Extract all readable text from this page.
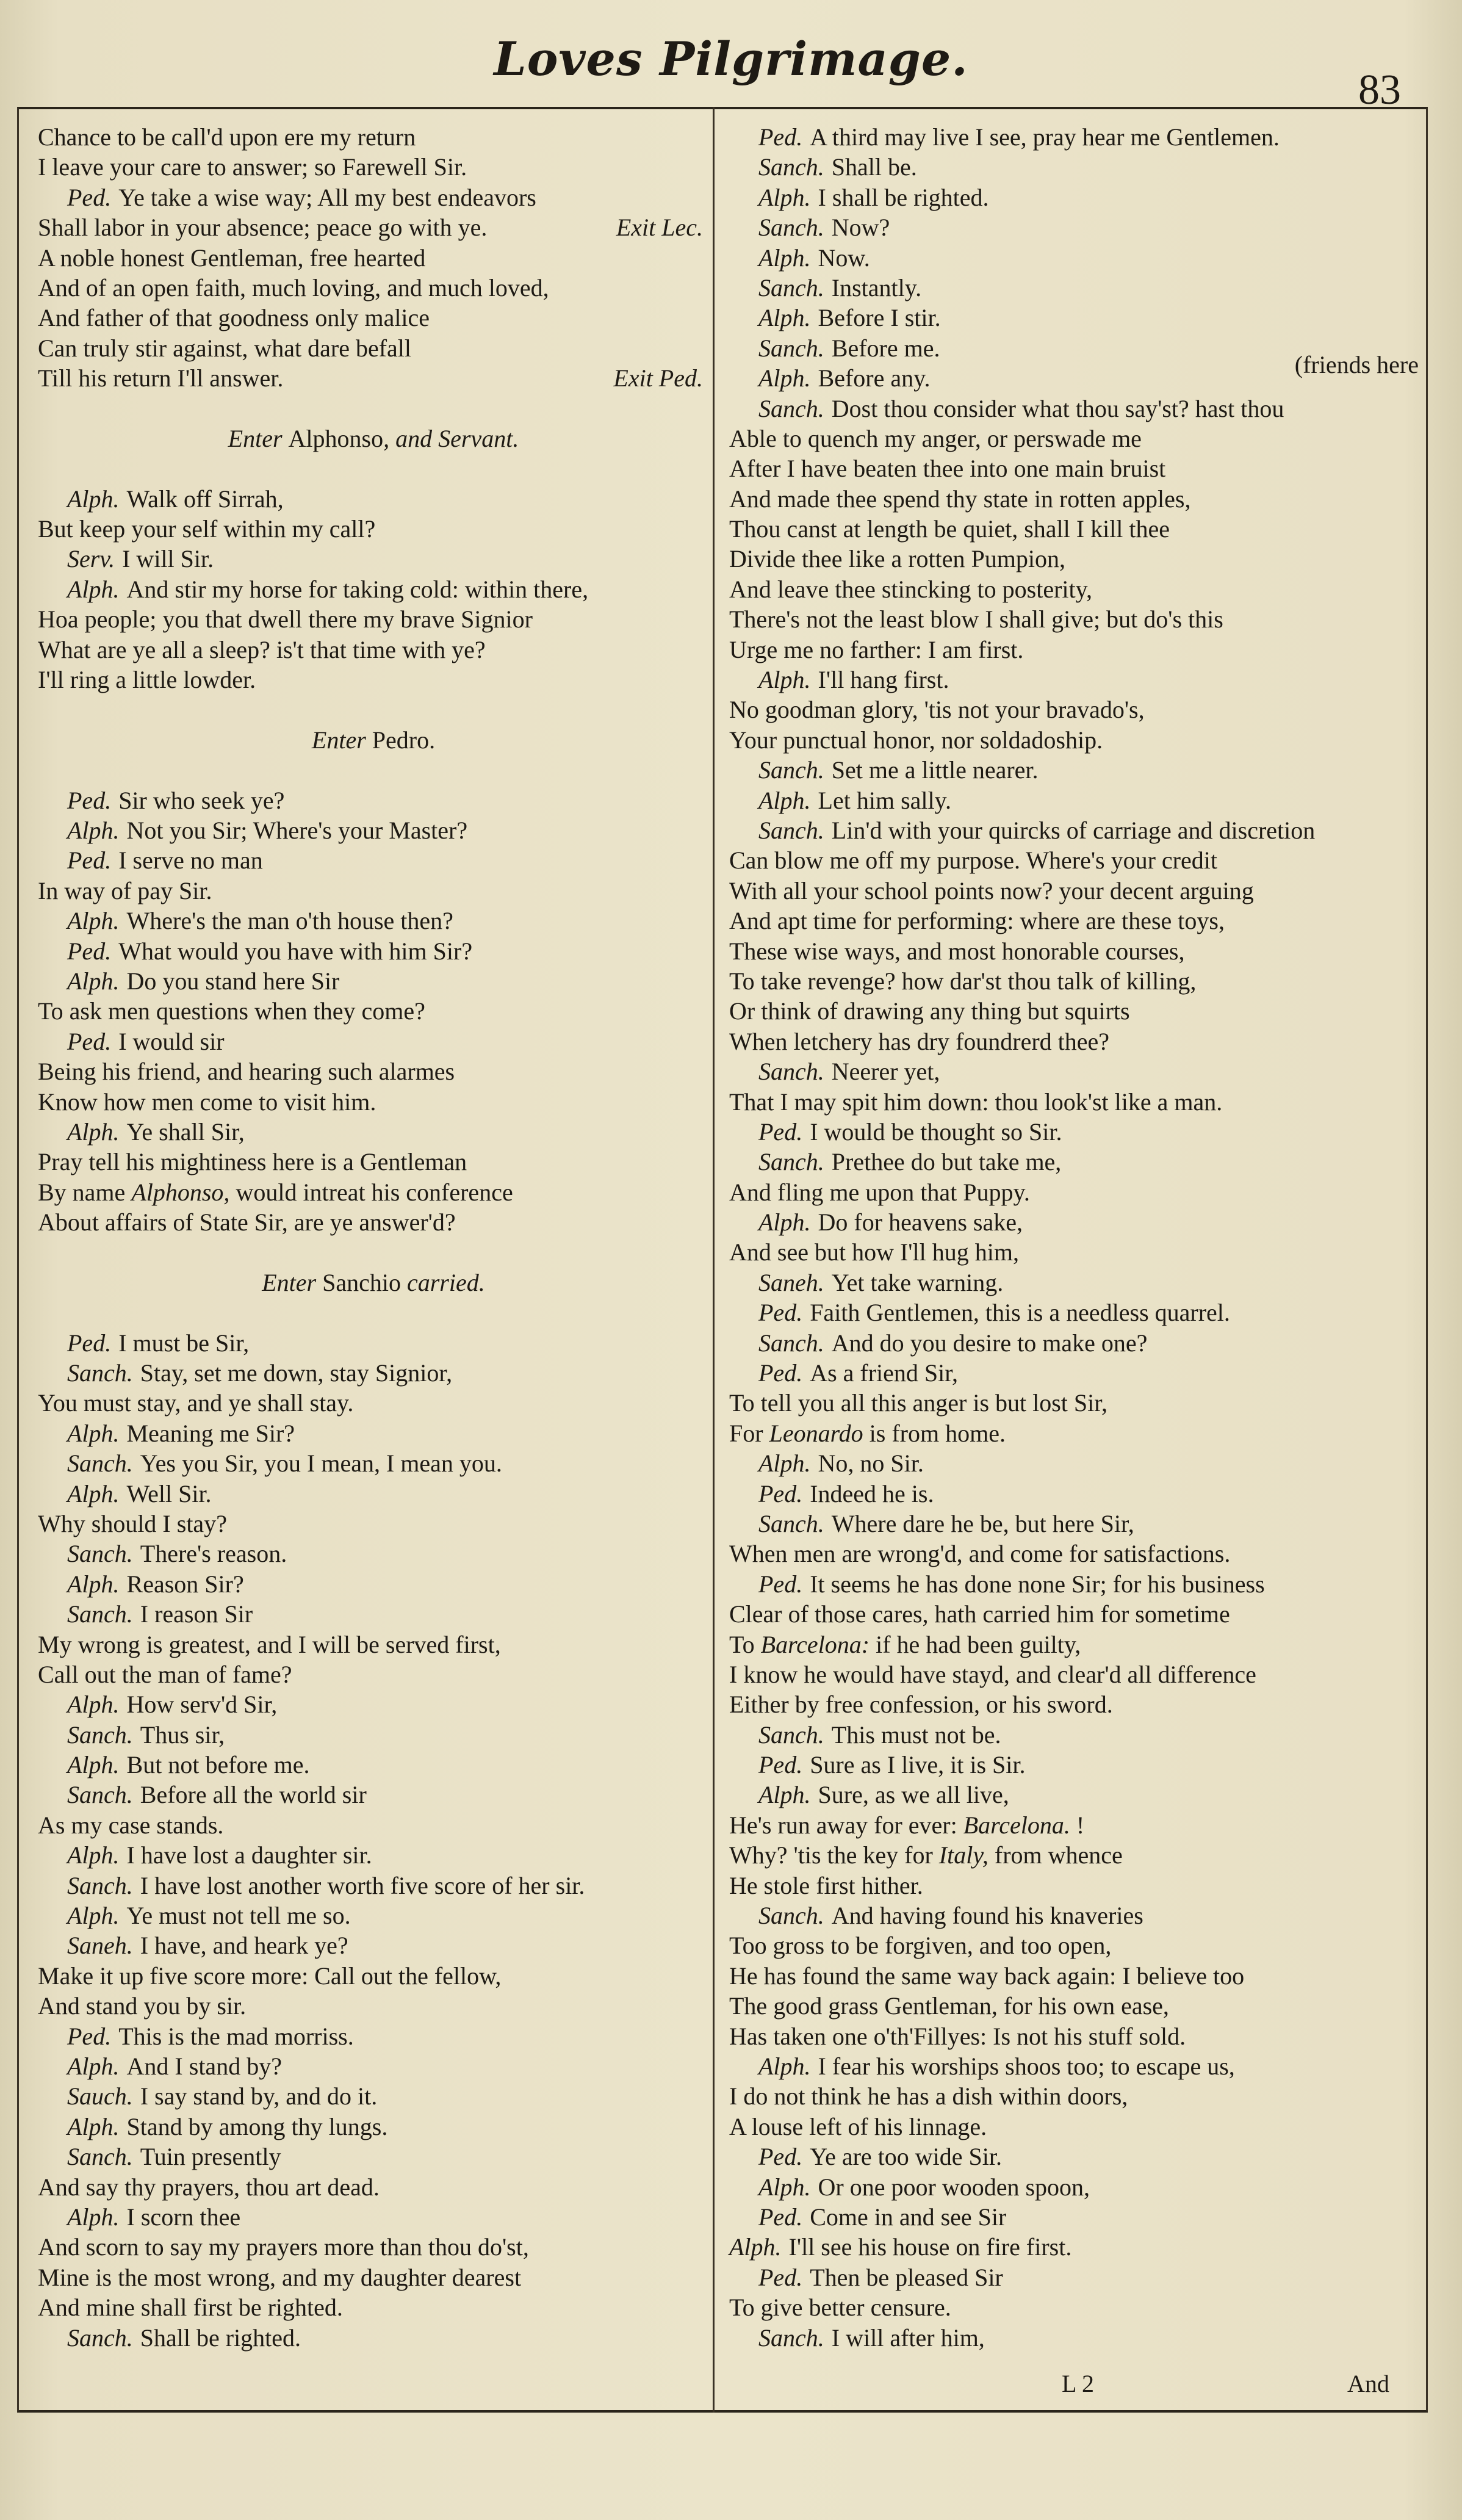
Loves Pilgrimage.
83
Chance to be call'd upon ere my return
I leave your care to answer; so Farewell Sir.
Ped. Ye take a wise way; All my best endeavors
Shall labor in your absence; peace go with ye.	Exit Lec.
A noble honest Gentleman, free hearted
And of an open faith, much loving, and much loved,
And father of that goodness only malice
Can truly stir against, what dare befall
Till his return I'll answer.	Exit Ped.
Enter Alphonso, and Servant.
Alph. Walk off Sirrah,
But keep your self within my call?
Serv. I will Sir.
Alph. And stir my horse for taking cold: within there,
Hoa people; you that dwell there my brave Signior
What are ye all a sleep? is't that time with ye?
I'll ring a little lowder.
Enter Pedro.
Ped. Sir who seek ye?
Alph. Not you Sir; Where's your Master?
Ped. I serve no man
In way of pay Sir.
Alph. Where's the man o'th house then?
Ped. What would you have with him Sir?
Alph. Do you stand here Sir
To ask men questions when they come?
Ped. I would sir
Being his friend, and hearing such alarmes
Know how men come to visit him.
Alph. Ye shall Sir,
Pray tell his mightiness here is a Gentleman
By name Alphonso, would intreat his conference
About affairs of State Sir, are ye answer'd?
Enter Sanchio carried.
Ped. I must be Sir,
Sanch. Stay, set me down, stay Signior,
You must stay, and ye shall stay.
Alph. Meaning me Sir?
Sanch. Yes you Sir, you I mean, I mean you.
Alph. Well Sir.
Why should I stay?
Sanch. There's reason.
Alph. Reason Sir?
Sanch. I reason Sir
My wrong is greatest, and I will be served first,
Call out the man of fame?
Alph. How serv'd Sir,
Sanch. Thus sir,
Alph. But not before me.
Sanch. Before all the world sir
As my case stands.
Alph. I have lost a daughter sir.
Sanch. I have lost another worth five score of her sir.
Alph. Ye must not tell me so.
Saneh. I have, and heark ye?
Make it up five score more: Call out the fellow,
And stand you by sir.
Ped. This is the mad morriss.
Alph. And I stand by?
Sauch. I say stand by, and do it.
Alph. Stand by among thy lungs.
Sanch. Tuin presently
And say thy prayers, thou art dead.
Alph. I scorn thee
And scorn to say my prayers more than thou do'st,
Mine is the most wrong, and my daughter dearest
And mine shall first be righted.
Sanch. Shall be righted.
Ped. A third may live I see, pray hear me Gentlemen.
Sanch. Shall be.
Alph. I shall be righted.
Sanch. Now?
Alph. Now.
Sanch. Instantly.
Alph. Before I stir.
Sanch. Before me.
Alph. Before any.	(friends here
Sanch. Dost thou consider what thou say'st? hast thou
Able to quench my anger, or perswade me
After I have beaten thee into one main bruist
And made thee spend thy state in rotten apples,
Thou canst at length be quiet, shall I kill thee
Divide thee like a rotten Pumpion,
And leave thee stincking to posterity,
There's not the least blow I shall give; but do's this
Urge me no farther: I am first.
Alph. I'll hang first.
No goodman glory, 'tis not your bravado's,
Your punctual honor, nor soldadoship.
Sanch. Set me a little nearer.
Alph. Let him sally.
Sanch. Lin'd with your quircks of carriage and discretion
Can blow me off my purpose. Where's your credit
With all your school points now? your decent arguing
And apt time for performing: where are these toys,
These wise ways, and most honorable courses,
To take revenge? how dar'st thou talk of killing,
Or think of drawing any thing but squirts
When letchery has dry foundrerd thee?
Sanch. Neerer yet,
That I may spit him down: thou look'st like a man.
Ped. I would be thought so Sir.
Sanch. Prethee do but take me,
And fling me upon that Puppy.
Alph. Do for heavens sake,
And see but how I'll hug him,
Saneh. Yet take warning.
Ped. Faith Gentlemen, this is a needless quarrel.
Sanch. And do you desire to make one?
Ped. As a friend Sir,
To tell you all this anger is but lost Sir,
For Leonardo is from home.
Alph. No, no Sir.
Ped. Indeed he is.
Sanch. Where dare he be, but here Sir,
When men are wrong'd, and come for satisfactions.
Ped. It seems he has done none Sir; for his business
Clear of those cares, hath carried him for sometime
To Barcelona: if he had been guilty,
I know he would have stayd, and clear'd all difference
Either by free confession, or his sword.
Sanch. This must not be.
Ped. Sure as I live, it is Sir.
Alph. Sure, as we all live,
He's run away for ever: Barcelona. !
Why? 'tis the key for Italy, from whence
He stole first hither.
Sanch. And having found his knaveries
Too gross to be forgiven, and too open,
He has found the same way back again: I believe too
The good grass Gentleman, for his own ease,
Has taken one o'th'Fillyes: Is not his stuff sold.
Alph. I fear his worships shoos too; to escape us,
I do not think he has a dish within doors,
A louse left of his linnage.
Ped. Ye are too wide Sir.
Alph. Or one poor wooden spoon,
Ped. Come in and see Sir
Alph. I'll see his house on fire first.
Ped. Then be pleased Sir
To give better censure.
Sanch. I will after him,
L 2	And
